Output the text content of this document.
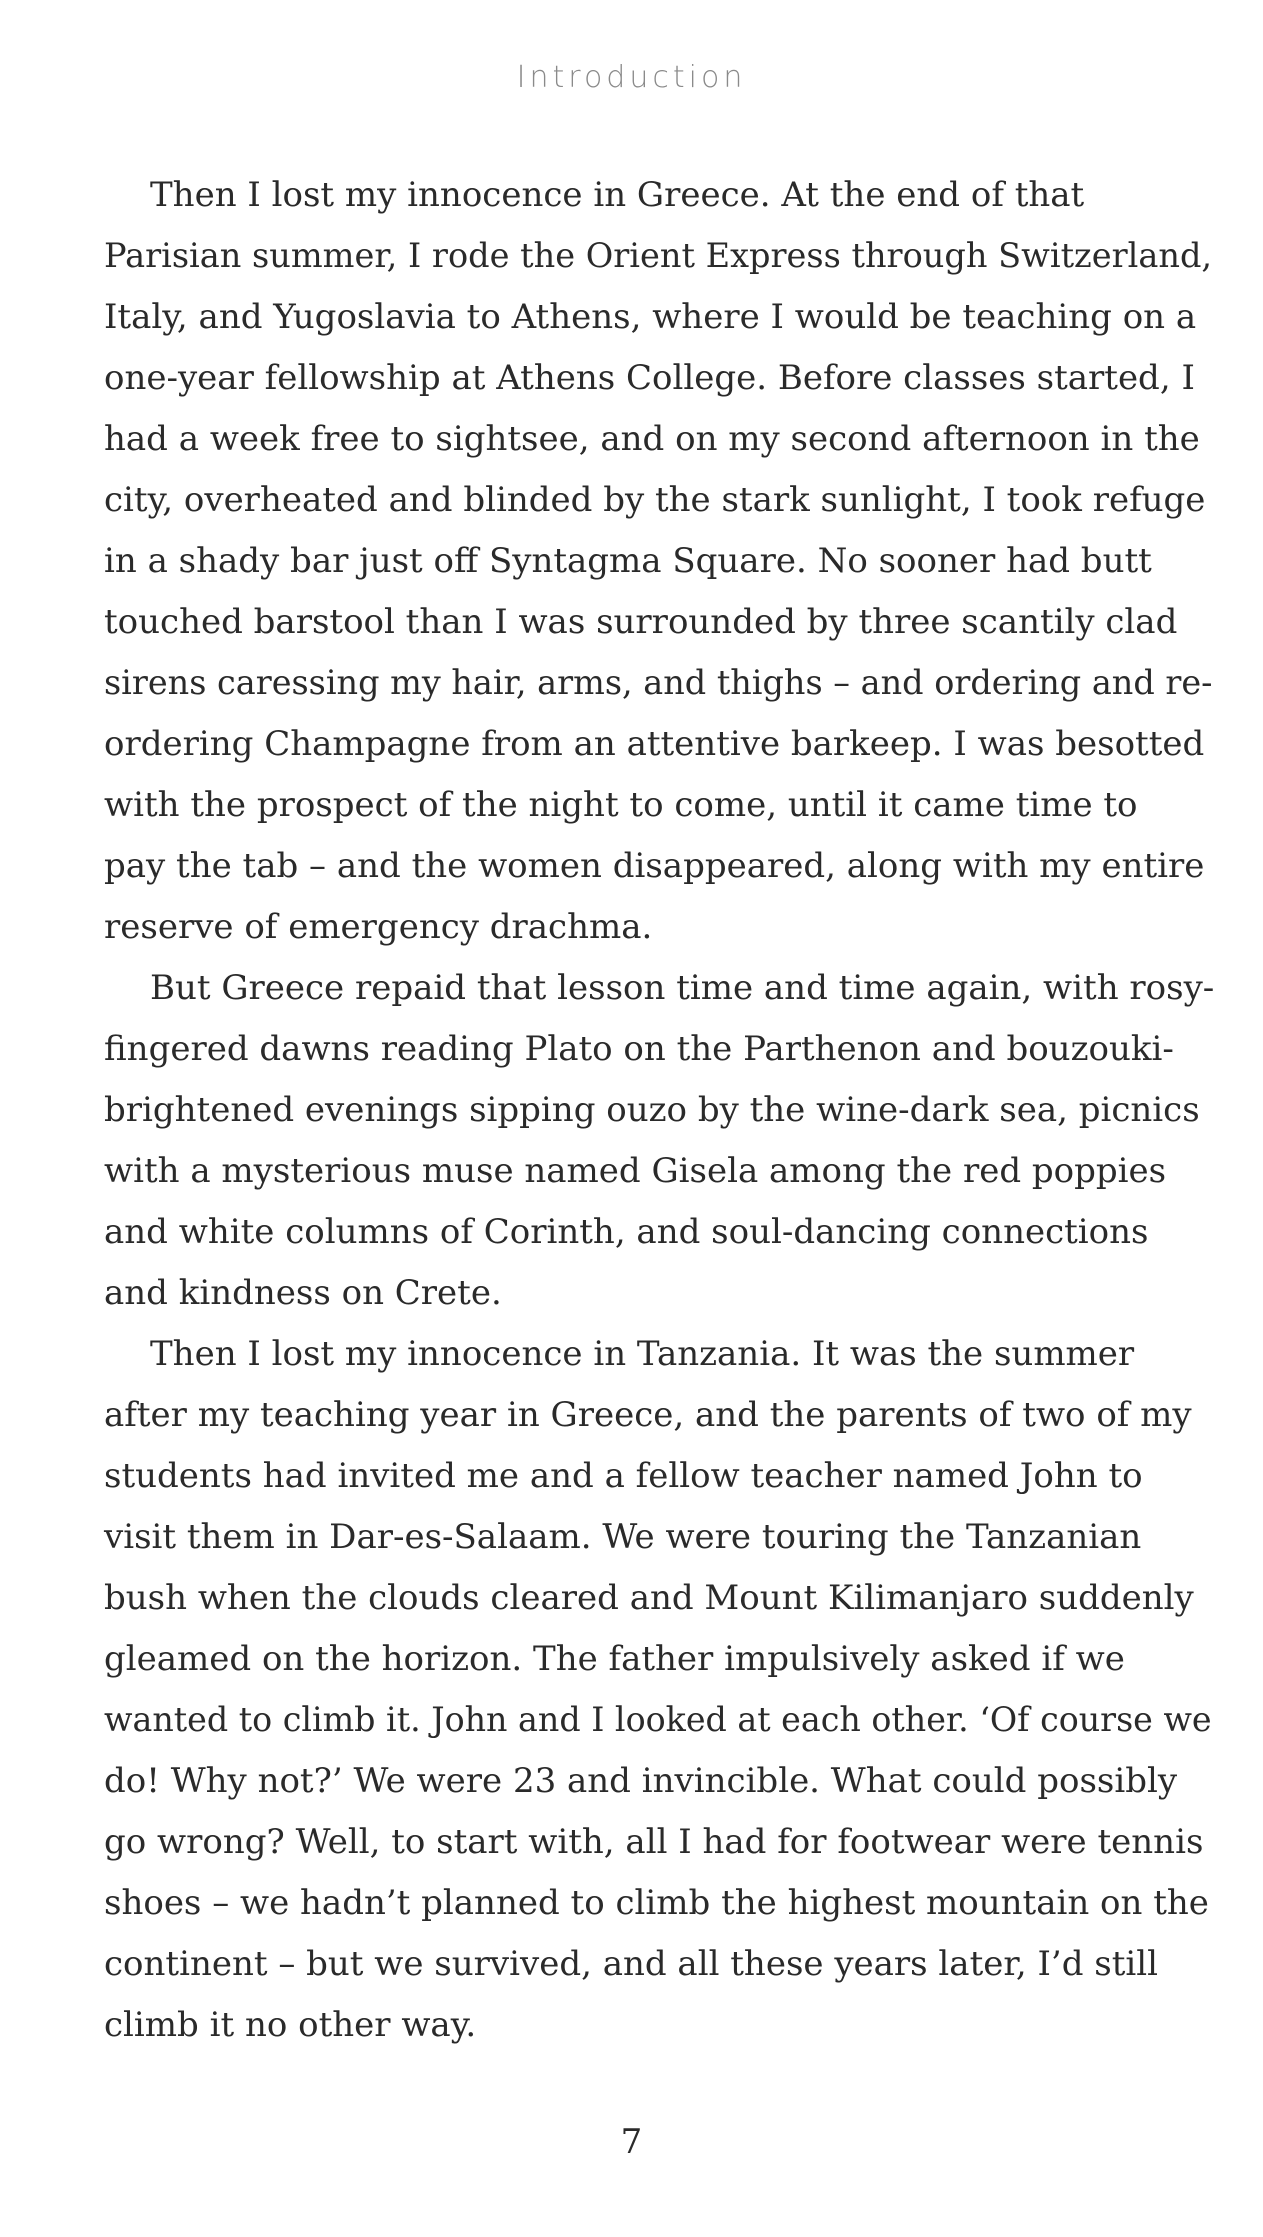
Introduction
Then I lost my innocence in Greece. At the end of that
Parisian summer, I rode the Orient Express through Switzerland,
Italy, and Yugoslavia to Athens, where I would be teaching on a
one-year fellowship at Athens College. Before classes started, I
had a week free to sightsee, and on my second afternoon in the
city, overheated and blinded by the stark sunlight, I took refuge
in a shady bar just off Syntagma Square. No sooner had butt
touched barstool than I was surrounded by three scantily clad
sirens caressing my hair, arms, and thighs – and ordering and re-
ordering Champagne from an attentive barkeep. I was besotted
with the prospect of the night to come, until it came time to
pay the tab – and the women disappeared, along with my entire
reserve of emergency drachma.
But Greece repaid that lesson time and time again, with rosy-
fingered dawns reading Plato on the Parthenon and bouzouki-
brightened evenings sipping ouzo by the wine-dark sea, picnics
with a mysterious muse named Gisela among the red poppies
and white columns of Corinth, and soul-dancing connections
and kindness on Crete.
Then I lost my innocence in Tanzania. It was the summer
after my teaching year in Greece, and the parents of two of my
students had invited me and a fellow teacher named John to
visit them in Dar-es-Salaam. We were touring the Tanzanian
bush when the clouds cleared and Mount Kilimanjaro suddenly
gleamed on the horizon. The father impulsively asked if we
wanted to climb it. John and I looked at each other. ‘Of course we
do! Why not?’ We were 23 and invincible. What could possibly
go wrong? Well, to start with, all I had for footwear were tennis
shoes – we hadn’t planned to climb the highest mountain on the
continent – but we survived, and all these years later, I’d still
climb it no other way.
7
